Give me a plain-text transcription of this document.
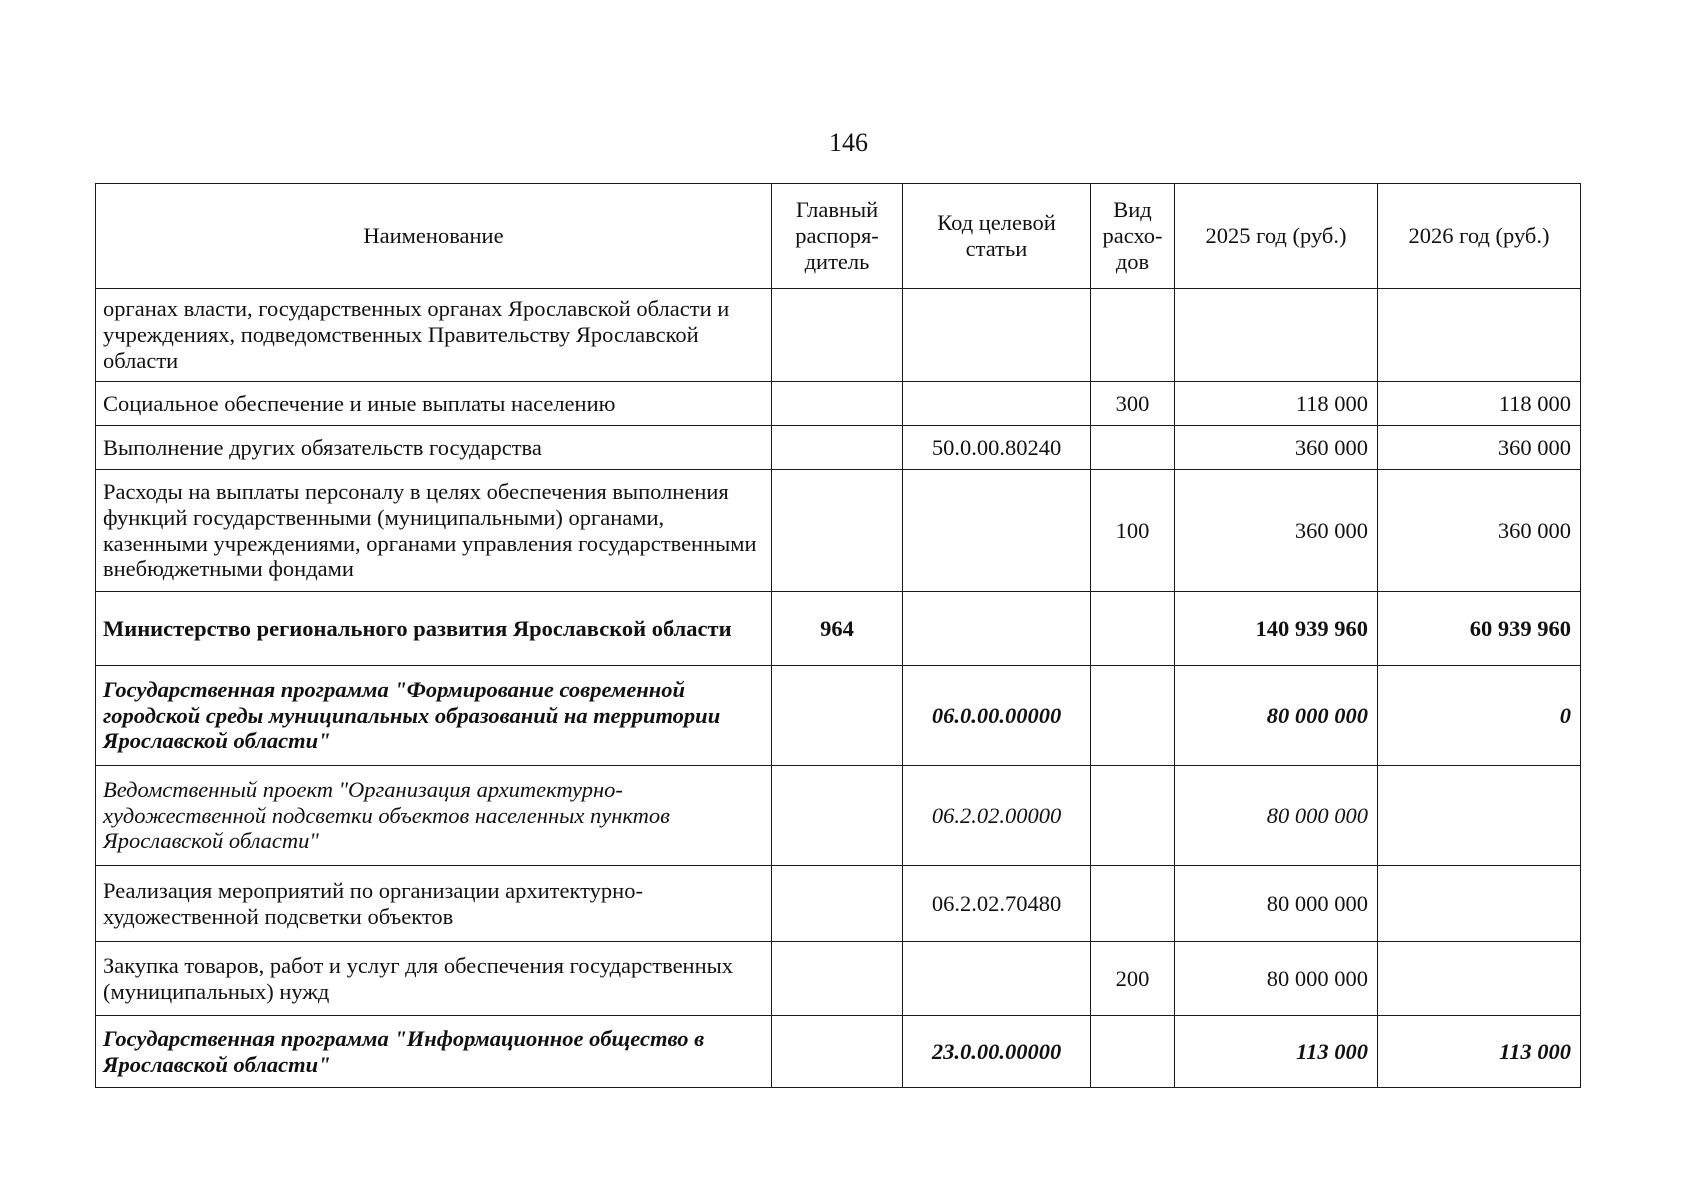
146
Наименование	Главный распоря-дитель	Код целевой статьи	Вид расхо-дов	2025 год (руб.)	2026 год (руб.)
органах власти, государственных органах Ярославской области и учреждениях, подведомственных Правительству Ярославской области					
Социальное обеспечение и иные выплаты населению			300	118 000	118 000
Выполнение других обязательств государства		50.0.00.80240		360 000	360 000
Расходы на выплаты персоналу в целях обеспечения выполнения функций государственными (муниципальными) органами, казенными учреждениями, органами управления государственными внебюджетными фондами			100	360 000	360 000
Министерство регионального развития Ярославской области	964			140 939 960	60 939 960
Государственная программа "Формирование современной городской среды муниципальных образований на территории Ярославской области"		06.0.00.00000		80 000 000	0
Ведомственный проект "Организация архитектурно-художественной подсветки объектов населенных пунктов Ярославской области"		06.2.02.00000		80 000 000	
Реализация мероприятий по организации архитектурно-художественной подсветки объектов		06.2.02.70480		80 000 000	
Закупка товаров, работ и услуг для обеспечения государственных (муниципальных) нужд			200	80 000 000	
Государственная программа "Информационное общество в Ярославской области"		23.0.00.00000		113 000	113 000
